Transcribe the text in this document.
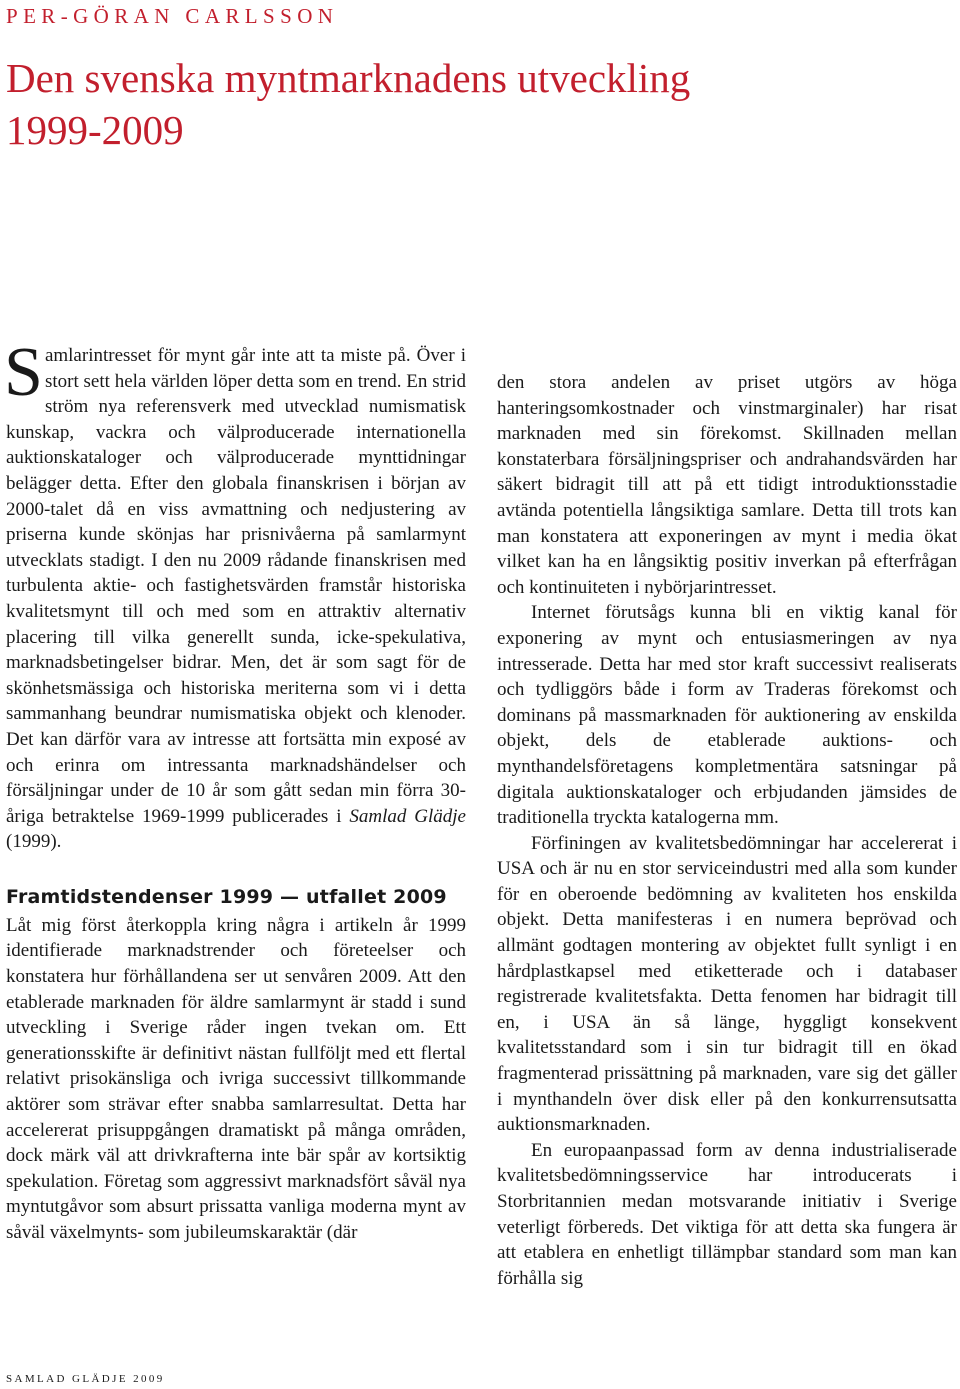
PER-GÖRAN CARLSSON
Den svenska myntmarknadens utveckling 1999-2009

Samlarintresset för mynt går inte att ta miste på. Över i stort sett hela världen löper detta som en trend. En strid ström nya referensverk med utvecklad numismatisk kunskap, vackra och välproducerade internationella auktionskataloger och välproducerade mynttidningar belägger detta. Efter den globala finanskrisen i början av 2000-talet då en viss avmattning och nedjustering av priserna kunde skönjas har prisnivåerna på samlarmynt utvecklats stadigt. I den nu 2009 rådande finanskrisen med turbulenta aktie- och fastighetsvärden framstår historiska kvalitetsmynt till och med som en attraktiv alternativ placering till vilka generellt sunda, icke-spekulativa, marknadsbetingelser bidrar. Men, det är som sagt för de skönhetsmässiga och historiska meriterna som vi i detta sammanhang beundrar numismatiska objekt och klenoder. Det kan därför vara av intresse att fortsätta min exposé av och erinra om intressanta marknadshändelser och försäljningar under de 10 år som gått sedan min förra 30-åriga betraktelse 1969-1999 publicerades i Samlad Glädje (1999).

Framtidstendenser 1999 — utfallet 2009

Låt mig först återkoppla kring några i artikeln år 1999 identifierade marknadstrender och företeelser och konstatera hur förhållandena ser ut senvåren 2009. Att den etablerade marknaden för äldre samlarmynt är stadd i sund utveckling i Sverige råder ingen tvekan om. Ett generationsskifte är definitivt nästan fullföljt med ett flertal relativt prisokänsliga och ivriga successivt tillkommande aktörer som strävar efter snabba samlarresultat. Detta har accelererat prisuppgången dramatiskt på många områden, dock märk väl att drivkrafterna inte bär spår av kortsiktig spekulation. Företag som aggressivt marknadsfört såväl nya myntutgåvor som absurt prissatta vanliga moderna mynt av såväl växelmynts- som jubileumskaraktär (där

den stora andelen av priset utgörs av höga hanteringsomkostnader och vinstmarginaler) har risat marknaden med sin förekomst. Skillnaden mellan konstaterbara försäljningspriser och andrahandsvärden har säkert bidragit till att på ett tidigt introduktionsstadie avtända potentiella långsiktiga samlare. Detta till trots kan man konstatera att exponeringen av mynt i media ökat vilket kan ha en långsiktig positiv inverkan på efterfrågan och kontinuiteten i nybörjarintresset.

Internet förutsågs kunna bli en viktig kanal för exponering av mynt och entusiasmeringen av nya intresserade. Detta har med stor kraft successivt realiserats och tydliggörs både i form av Traderas förekomst och dominans på massmarknaden för auktionering av enskilda objekt, dels de etablerade auktions- och mynthandelsföretagens kompletmentära satsningar på digitala auktionskataloger och erbjudanden jämsides de traditionella tryckta katalogerna mm.

Förfiningen av kvalitetsbedömningar har accelererat i USA och är nu en stor serviceindustri med alla som kunder för en oberoende bedömning av kvaliteten hos enskilda objekt. Detta manifesteras i en numera beprövad och allmänt godtagen montering av objektet fullt synligt i en hårdplastkapsel med etiketterade och i databaser registrerade kvalitetsfakta. Detta fenomen har bidragit till en, i USA än så länge, hyggligt konsekvent kvalitetsstandard som i sin tur bidragit till en ökad fragmenterad prissättning på marknaden, vare sig det gäller i mynthandeln över disk eller på den konkurrensutsatta auktionsmarknaden.

En europaanpassad form av denna industrialiserade kvalitetsbedömningsservice har introducerats i Storbritannien medan motsvarande initiativ i Sverige veterligt förbereds. Det viktiga för att detta ska fungera är att etablera en enhetligt tillämpbar standard som man kan förhålla sig

SAMLAD GLÄDJE 2009
